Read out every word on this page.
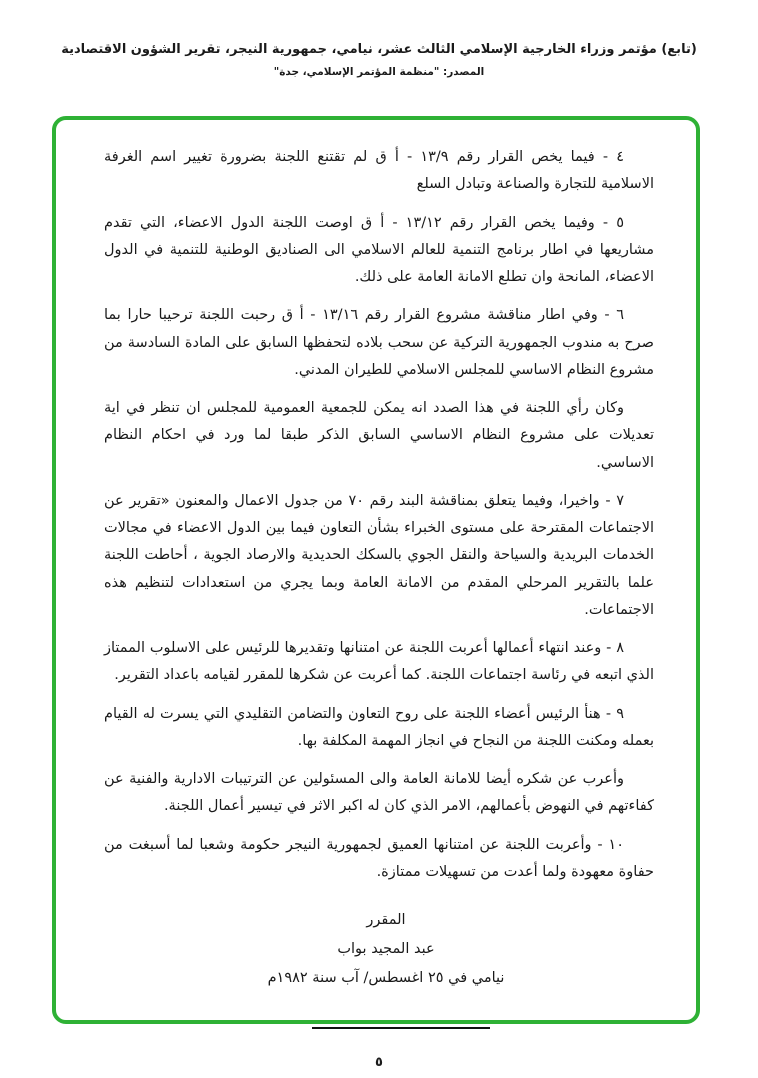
(تابع) مؤتمر وزراء الخارجية الإسلامي الثالث عشر، نيامي، جمهورية النيجر، تقرير الشؤون الاقتصادية
المصدر: "منظمة المؤتمر الإسلامي، جدة"

٤ - فيما يخص القرار رقم ١٣/٩ - أ ق لم تقتنع اللجنة بضرورة تغيير اسم الغرفة الاسلامية للتجارة والصناعة وتبادل السلع

٥ - وفيما يخص القرار رقم ١٣/١٢ - أ ق اوصت اللجنة الدول الاعضاء، التي تقدم مشاريعها في اطار برنامج التنمية للعالم الاسلامي الى الصناديق الوطنية للتنمية في الدول الاعضاء، المانحة وان تطلع الامانة العامة على ذلك.

٦ - وفي اطار مناقشة مشروع القرار رقم ١٣/١٦ - أ ق رحبت اللجنة ترحيبا حارا بما صرح به مندوب الجمهورية التركية عن سحب بلاده لتحفظها السابق على المادة السادسة من مشروع النظام الاساسي للمجلس الاسلامي للطيران المدني.

وكان رأي اللجنة في هذا الصدد انه يمكن للجمعية العمومية للمجلس ان تنظر في اية تعديلات على مشروع النظام الاساسي السابق الذكر طبقا لما ورد في احكام النظام الاساسي.

٧ - واخيرا، وفيما يتعلق بمناقشة البند رقم ٧٠ من جدول الاعمال والمعنون «تقرير عن الاجتماعات المقترحة على مستوى الخبراء بشأن التعاون فيما بين الدول الاعضاء في مجالات الخدمات البريدية والسياحة والنقل الجوي بالسكك الحديدية والارصاد الجوية ، أحاطت اللجنة علما بالتقرير المرحلي المقدم من الامانة العامة وبما يجري من استعدادات لتنظيم هذه الاجتماعات.

٨ - وعند انتهاء أعمالها أعربت اللجنة عن امتنانها وتقديرها للرئيس على الاسلوب الممتاز الذي اتبعه في رئاسة اجتماعات اللجنة. كما أعربت عن شكرها للمقرر لقيامه باعداد التقرير.

٩ - هنأ الرئيس أعضاء اللجنة على روح التعاون والتضامن التقليدي التي يسرت له القيام بعمله ومكنت اللجنة من النجاح في انجاز المهمة المكلفة بها.

وأعرب عن شكره أيضا للامانة العامة والى المسئولين عن الترتيبات الادارية والفنية عن كفاءتهم في النهوض بأعمالهم، الامر الذي كان له اكبر الاثر في تيسير أعمال اللجنة.

١٠ - وأعربت اللجنة عن امتنانها العميق لجمهورية النيجر حكومة وشعبا لما أسبغت من حفاوة معهودة ولما أعدت من تسهيلات ممتازة.

المقرر
عبد المجيد بواب
نيامي في ٢٥ اغسطس/ آب سنة ١٩٨٢م
٥
